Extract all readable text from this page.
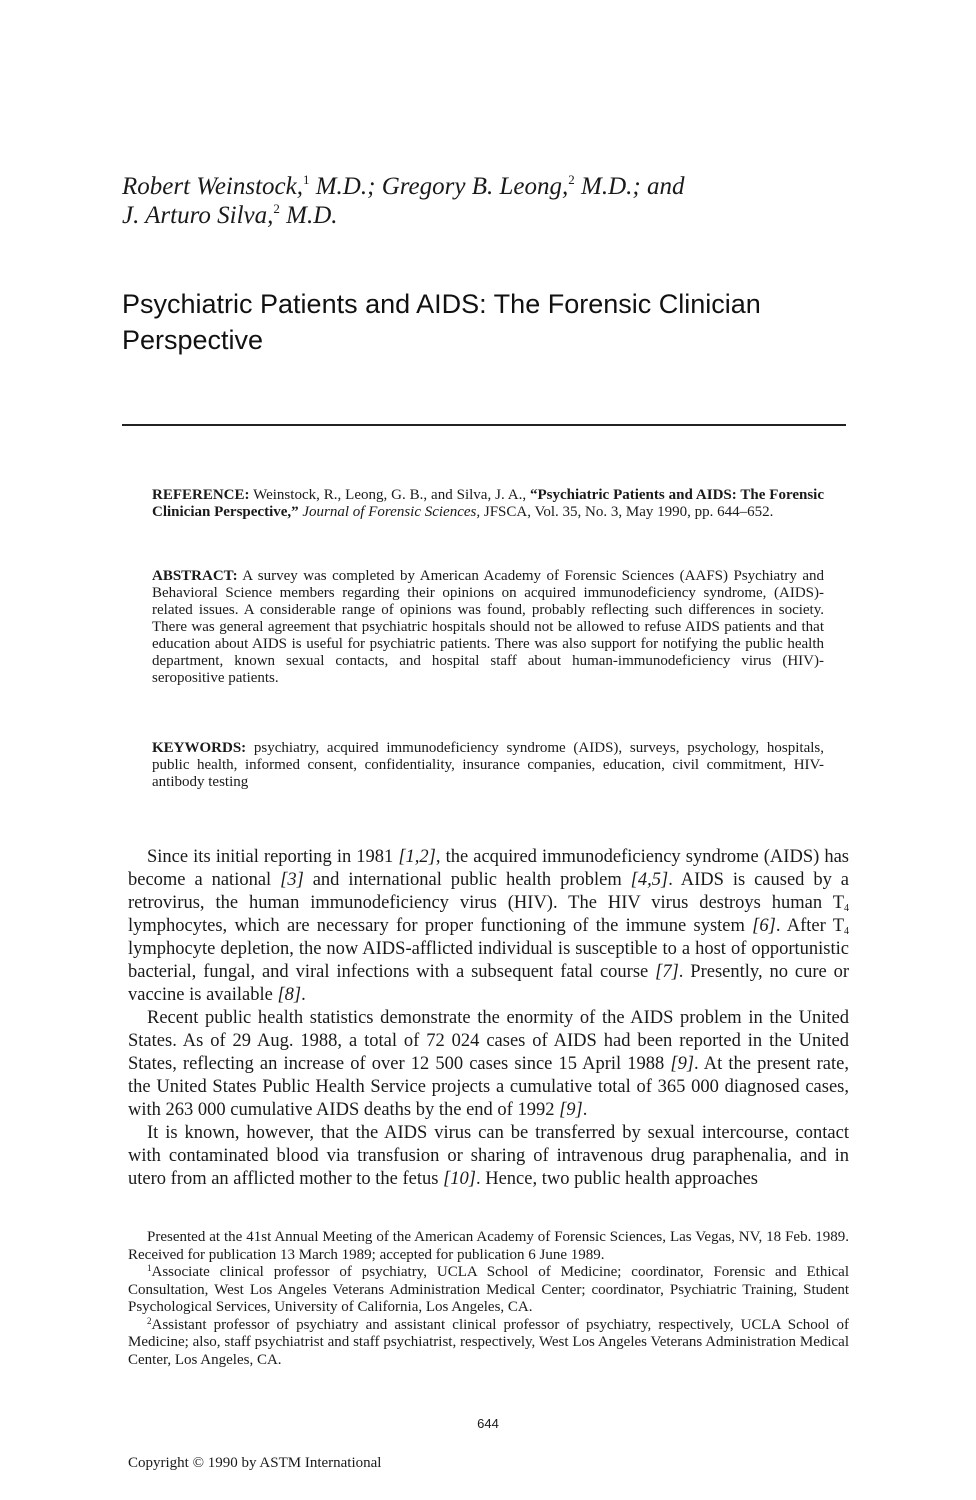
Robert Weinstock,$^1$ M.D.; Gregory B. Leong,$^2$ M.D.; and
J. Arturo Silva,$^2$ M.D.
Psychiatric Patients and AIDS: The Forensic Clinician Perspective
REFERENCE: Weinstock, R., Leong, G. B., and Silva, J. A., “Psychiatric Patients and AIDS: The Forensic Clinician Perspective,” Journal of Forensic Sciences, JFSCA, Vol. 35, No. 3, May 1990, pp. 644–652.
ABSTRACT: A survey was completed by American Academy of Forensic Sciences (AAFS) Psychiatry and Behavioral Science members regarding their opinions on acquired immunodeficiency syndrome, (AIDS)-related issues. A considerable range of opinions was found, probably reflecting such differences in society. There was general agreement that psychiatric hospitals should not be allowed to refuse AIDS patients and that education about AIDS is useful for psychiatric patients. There was also support for notifying the public health department, known sexual contacts, and hospital staff about human-immunodeficiency virus (HIV)-seropositive patients.
KEYWORDS: psychiatry, acquired immunodeficiency syndrome (AIDS), surveys, psychology, hospitals, public health, informed consent, confidentiality, insurance companies, education, civil commitment, HIV-antibody testing

Since its initial reporting in 1981 [1,2], the acquired immunodeficiency syndrome (AIDS) has become a national [3] and international public health problem [4,5]. AIDS is caused by a retrovirus, the human immunodeficiency virus (HIV). The HIV virus destroys human $T_4$ lymphocytes, which are necessary for proper functioning of the immune system [6]. After $T_4$ lymphocyte depletion, the now AIDS-afflicted individual is susceptible to a host of opportunistic bacterial, fungal, and viral infections with a subsequent fatal course [7]. Presently, no cure or vaccine is available [8].

Recent public health statistics demonstrate the enormity of the AIDS problem in the United States. As of 29 Aug. 1988, a total of 72 024 cases of AIDS had been reported in the United States, reflecting an increase of over 12 500 cases since 15 April 1988 [9]. At the present rate, the United States Public Health Service projects a cumulative total of 365 000 diagnosed cases, with 263 000 cumulative AIDS deaths by the end of 1992 [9].

It is known, however, that the AIDS virus can be transferred by sexual intercourse, contact with contaminated blood via transfusion or sharing of intravenous drug paraphenalia, and in utero from an afflicted mother to the fetus [10]. Hence, two public health approaches

Presented at the 41st Annual Meeting of the American Academy of Forensic Sciences, Las Vegas, NV, 18 Feb. 1989. Received for publication 13 March 1989; accepted for publication 6 June 1989.

$^1$Associate clinical professor of psychiatry, UCLA School of Medicine; coordinator, Forensic and Ethical Consultation, West Los Angeles Veterans Administration Medical Center; coordinator, Psychiatric Training, Student Psychological Services, University of California, Los Angeles, CA.

$^2$Assistant professor of psychiatry and assistant clinical professor of psychiatry, respectively, UCLA School of Medicine; also, staff psychiatrist and staff psychiatrist, respectively, West Los Angeles Veterans Administration Medical Center, Los Angeles, CA.

644
Copyright © 1990 by ASTM International
